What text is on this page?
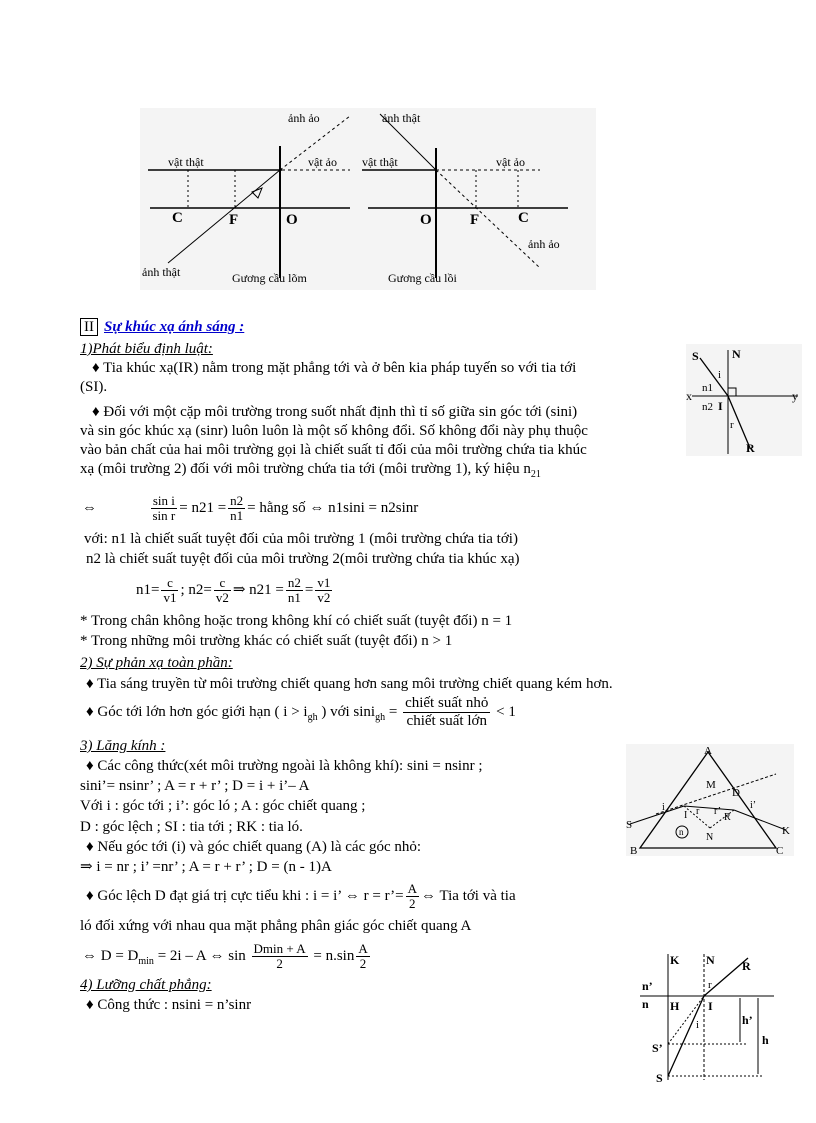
vật thật	vật ảo
ảnh ảo
ảnh thật
C	F	O
Gương cầu lõm
ảnh thật
vật thật	vật ảo
O	F	C
ảnh ảo
Gương cầu lồi
II Sự khúc xạ ánh sáng :
1)Phát biểu định luật:
♦ Tia khúc xạ(IR) nằm trong mặt phẳng tới và ở bên kia pháp tuyến so với tia tới
(SI).
♦ Đối với một cặp môi trường trong suốt nhất định thì tỉ số giữa sin góc tới (sini)
và sin góc khúc xạ (sinr) luôn luôn là một số không đổi. Số không đổi này phụ thuộc
vào bản chất của hai môi trường gọi là chiết suất tỉ đối của môi trường chứa tia khúc
xạ (môi trường 2) đối với môi trường chứa tia tới (môi trường 1), ký hiệu $n_{21}$
S	N
x	y
I
n1
n2
i
r
R
⇔	$\frac{\text{sin i}}{\text{sin r}} = n21 = \frac{n2}{n1}$ = hằng số ⇔ n1sini = n2sinr
với: n1 là chiết suất tuyệt đối của môi trường 1 (môi trường chứa tia tới)
n2 là chiết suất tuyệt đối của môi trường 2(môi trường chứa tia khúc xạ)
$n1= \frac{c}{v1}$ ; $n2= \frac{c}{v2}$ ⇒ $n21 = \frac{n2}{n1} = \frac{v1}{v2}$
* Trong chân không hoặc trong không khí có chiết suất (tuyệt đối) n = 1
* Trong những môi trường khác có chiết suất (tuyệt đối) n > 1
2) Sự phản xạ toàn phần:
♦ Tia sáng truyền từ môi trường chiết quang hơn sang môi trường chiết quang kém hơn.
♦ Góc tới lớn hơn góc giới hạn ( $i > i_{gh}$ ) với $\sin i_{gh} = \frac{\text{chiết suất nhỏ}}{\text{chiết suất lớn}} < 1$
3) Lăng kính :
♦ Các công thức(xét môi trường ngoài là không khí): sini = nsinr ;
sini’= nsinr’ ; A = r + r’ ; D = i + i’– A
Với i : góc tới ; i’: góc ló ; A : góc chiết quang ;
D : góc lệch ; SI : tia tới ; RK : tia ló.
♦ Nếu góc tới (i) và góc chiết quang (A) là các góc nhỏ:
⇒ i = nr ; i’ =nr’ ; A = r + r’ ; D = (n - 1)A
A
B	C
M
D
S	K
I	R
N
n
i	i’
r r’
♦ Góc lệch D đạt giá trị cực tiểu khi : i = i’ ⇔ r = r’= $\frac{A}{2}$ ⇔ Tia tới và tia
ló đối xứng với nhau qua mặt phẳng phân giác góc chiết quang A
⇔ $D = D_{min} = 2i - A$ ⇔ $\sin \frac{Dmin + A}{2} = n.\sin \frac{A}{2}$
4) Lưỡng chất phẳng:
♦ Công thức : nsini = n’sinr
K N R
n’
n H I
r
i	h’
h
S’
S
